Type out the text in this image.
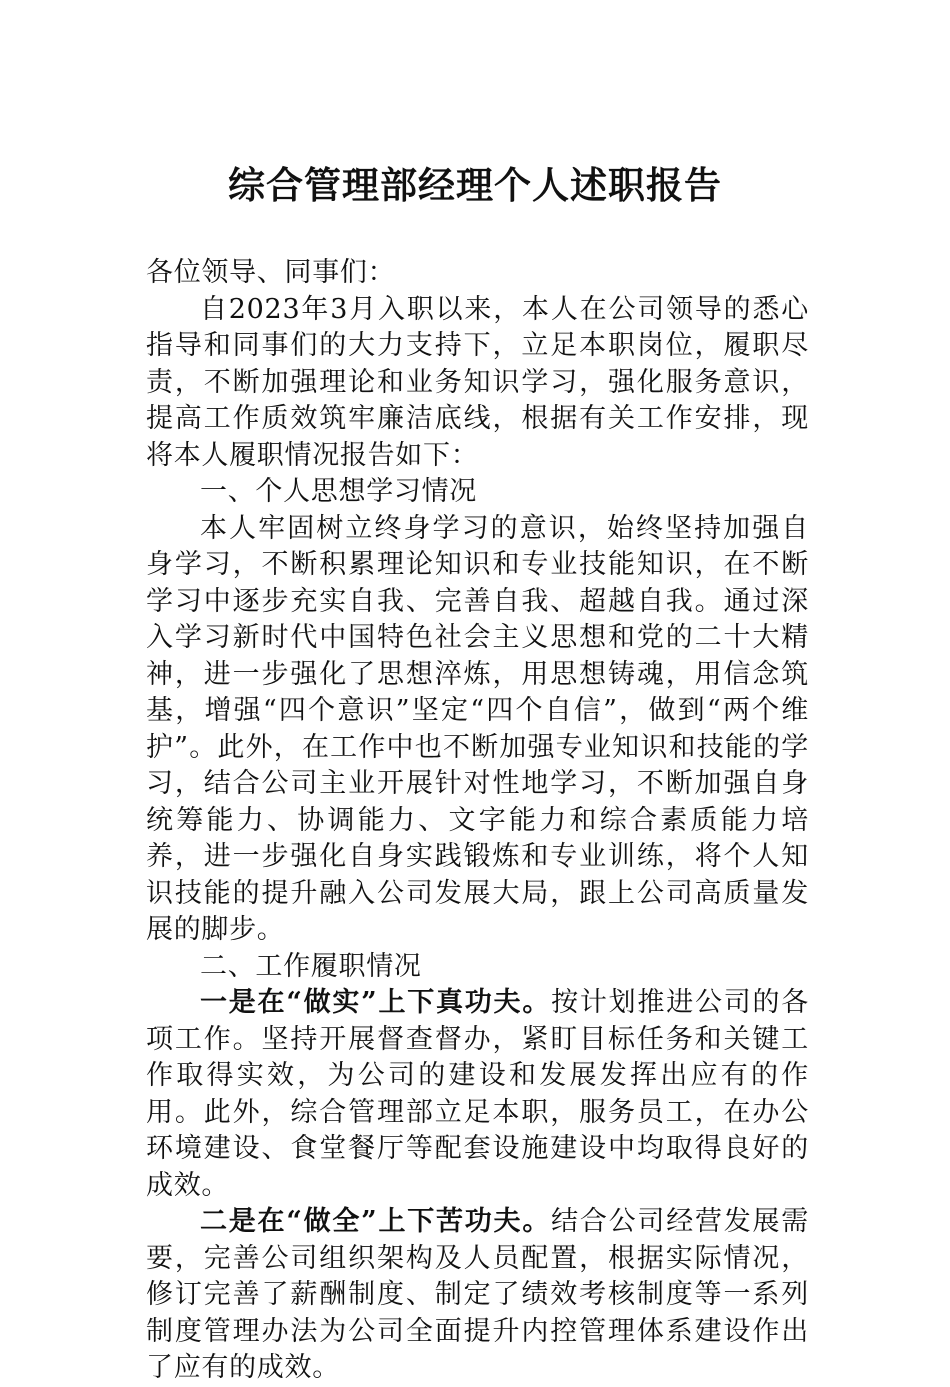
综合管理部经理个人述职报告

各位领导、同事们：

自2023年3月入职以来，本人在公司领导的悉心指导和同事们的大力支持下，立足本职岗位，履职尽责，不断加强理论和业务知识学习，强化服务意识，提高工作质效筑牢廉洁底线，根据有关工作安排，现将本人履职情况报告如下：

一、个人思想学习情况

本人牢固树立终身学习的意识，始终坚持加强自身学习，不断积累理论知识和专业技能知识，在不断学习中逐步充实自我、完善自我、超越自我。通过深入学习新时代中国特色社会主义思想和党的二十大精神，进一步强化了思想淬炼，用思想铸魂，用信念筑基，增强“四个意识”坚定“四个自信”，做到“两个维护”。此外，在工作中也不断加强专业知识和技能的学习，结合公司主业开展针对性地学习，不断加强自身统筹能力、协调能力、文字能力和综合素质能力培养，进一步强化自身实践锻炼和专业训练，将个人知识技能的提升融入公司发展大局，跟上公司高质量发展的脚步。

二、工作履职情况

一是在“做实”上下真功夫。按计划推进公司的各项工作。坚持开展督查督办，紧盯目标任务和关键工作取得实效，为公司的建设和发展发挥出应有的作用。此外，综合管理部立足本职，服务员工，在办公环境建设、食堂餐厅等配套设施建设中均取得良好的成效。

二是在“做全”上下苦功夫。结合公司经营发展需要，完善公司组织架构及人员配置，根据实际情况，修订完善了薪酬制度、制定了绩效考核制度等一系列制度管理办法为公司全面提升内控管理体系建设作出了应有的成效。
